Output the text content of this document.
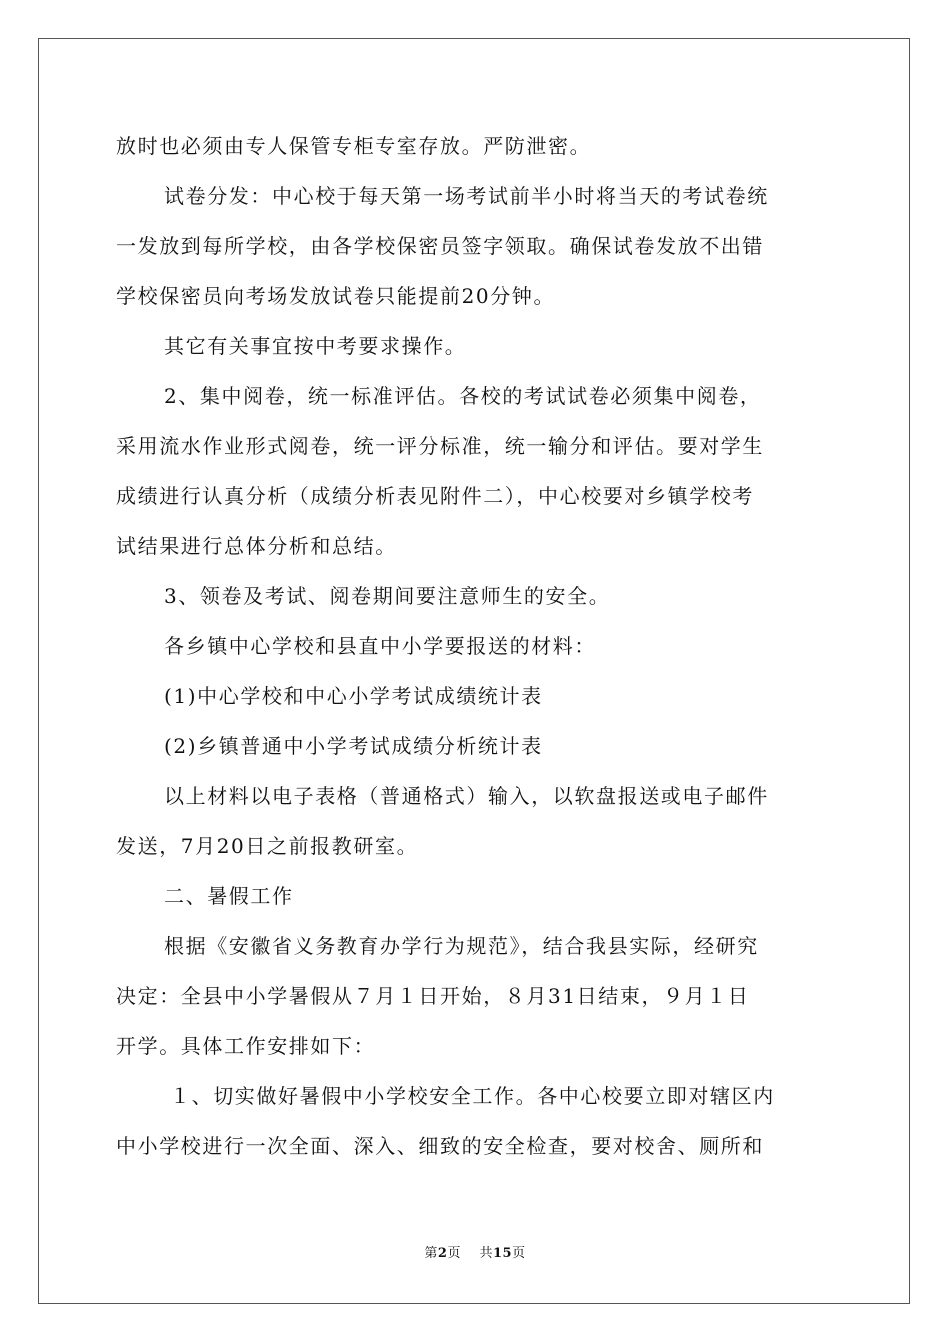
放时也必须由专人保管专柜专室存放。严防泄密。
试卷分发：中心校于每天第一场考试前半小时将当天的考试卷统
一发放到每所学校，由各学校保密员签字领取。确保试卷发放不出错
学校保密员向考场发放试卷只能提前20分钟。
其它有关事宜按中考要求操作。
2、集中阅卷，统一标准评估。各校的考试试卷必须集中阅卷，
采用流水作业形式阅卷，统一评分标准，统一输分和评估。要对学生
成绩进行认真分析（成绩分析表见附件二），中心校要对乡镇学校考
试结果进行总体分析和总结。
3、领卷及考试、阅卷期间要注意师生的安全。
各乡镇中心学校和县直中小学要报送的材料：
(1)中心学校和中心小学考试成绩统计表
(2)乡镇普通中小学考试成绩分析统计表
以上材料以电子表格（普通格式）输入，以软盘报送或电子邮件
发送，7月20日之前报教研室。
二、暑假工作
根据《安徽省义务教育办学行为规范》，结合我县实际，经研究
决定：全县中小学暑假从７月１日开始，８月31日结束，９月１日
开学。具体工作安排如下：
１、切实做好暑假中小学校安全工作。各中心校要立即对辖区内
中小学校进行一次全面、深入、细致的安全检查，要对校舍、厕所和
第2页 共15页
